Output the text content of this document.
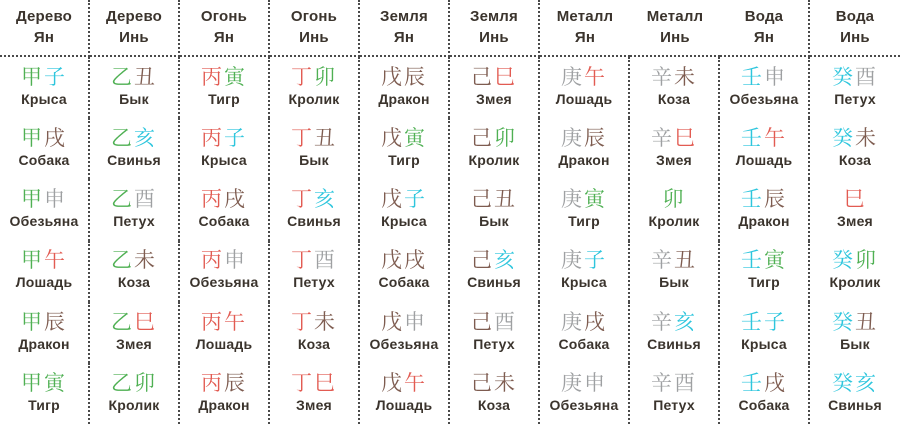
Дерево
Ян
Дерево
Инь
Огонь
Ян
Огонь
Инь
Земля
Ян
Земля
Инь
Металл
Ян
Металл
Инь
Вода
Ян
Вода
Инь
甲子
Крыса
乙丑
Бык
丙寅
Тигр
丁卯
Кролик
戊辰
Дракон
己巳
Змея
庚午
Лошадь
辛未
Коза
壬申
Обезьяна
癸酉
Петух
甲戌
Собака
乙亥
Свинья
丙子
Крыса
丁丑
Бык
戊寅
Тигр
己卯
Кролик
庚辰
Дракон
辛巳
Змея
壬午
Лошадь
癸未
Коза
甲申
Обезьяна
乙酉
Петух
丙戌
Собака
丁亥
Свинья
戊子
Крыса
己丑
Бык
庚寅
Тигр
卯
Кролик
壬辰
Дракон
巳
Змея
甲午
Лошадь
乙未
Коза
丙申
Обезьяна
丁酉
Петух
戊戌
Собака
己亥
Свинья
庚子
Крыса
辛丑
Бык
壬寅
Тигр
癸卯
Кролик
甲辰
Дракон
乙巳
Змея
丙午
Лошадь
丁未
Коза
戊申
Обезьяна
己酉
Петух
庚戌
Собака
辛亥
Свинья
壬子
Крыса
癸丑
Бык
甲寅
Тигр
乙卯
Кролик
丙辰
Дракон
丁巳
Змея
戊午
Лошадь
己未
Коза
庚申
Обезьяна
辛酉
Петух
壬戌
Собака
癸亥
Свинья
